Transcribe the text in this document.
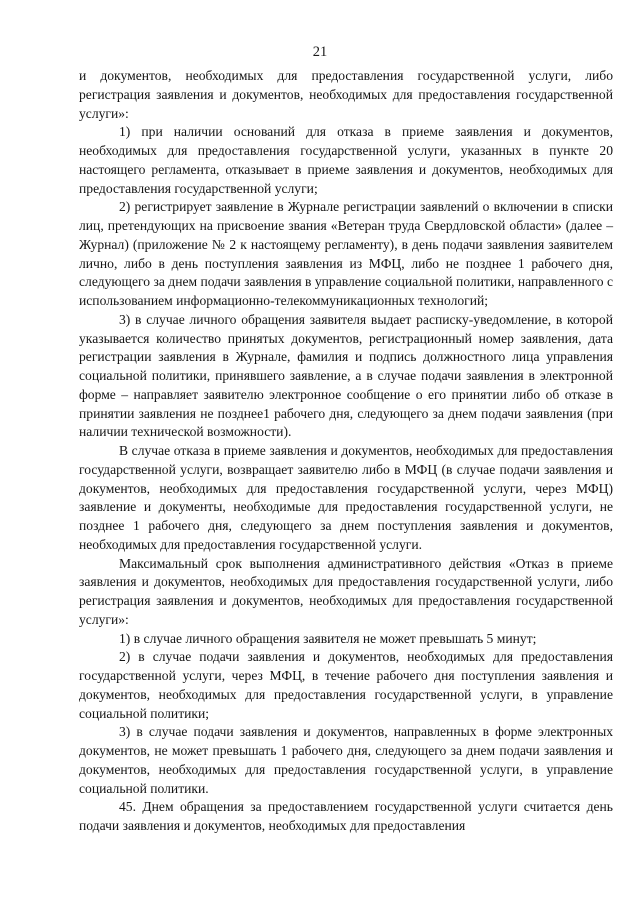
21

и документов, необходимых для предоставления государственной услуги, либо регистрация заявления и документов, необходимых для предоставления государственной услуги»:

1) при наличии оснований для отказа в приеме заявления и документов, необходимых для предоставления государственной услуги, указанных в пункте 20 настоящего регламента, отказывает в приеме заявления и документов, необходимых для предоставления государственной услуги;

2) регистрирует заявление в Журнале регистрации заявлений о включении в списки лиц, претендующих на присвоение звания «Ветеран труда Свердловской области» (далее – Журнал) (приложение № 2 к настоящему регламенту), в день подачи заявления заявителем лично, либо в день поступления заявления из МФЦ, либо не позднее 1 рабочего дня, следующего за днем подачи заявления в управление социальной политики, направленного с использованием информационно-телекоммуникационных технологий;

3) в случае личного обращения заявителя выдает расписку-уведомление, в которой указывается количество принятых документов, регистрационный номер заявления, дата регистрации заявления в Журнале, фамилия и подпись должностного лица управления социальной политики, принявшего заявление, а в случае подачи заявления в электронной форме – направляет заявителю электронное сообщение о его принятии либо об отказе в принятии заявления не позднее1 рабочего дня, следующего за днем подачи заявления (при наличии технической возможности).

В случае отказа в приеме заявления и документов, необходимых для предоставления государственной услуги, возвращает заявителю либо в МФЦ (в случае подачи заявления и документов, необходимых для предоставления государственной услуги, через МФЦ) заявление и документы, необходимые для предоставления государственной услуги, не позднее 1 рабочего дня, следующего за днем поступления заявления и документов, необходимых для предоставления государственной услуги.

Максимальный срок выполнения административного действия «Отказ в приеме заявления и документов, необходимых для предоставления государственной услуги, либо регистрация заявления и документов, необходимых для предоставления государственной услуги»:

1) в случае личного обращения заявителя не может превышать 5 минут;

2) в случае подачи заявления и документов, необходимых для предоставления государственной услуги, через МФЦ, в течение рабочего дня поступления заявления и документов, необходимых для предоставления государственной услуги, в управление социальной политики;

3) в случае подачи заявления и документов, направленных в форме электронных документов, не может превышать 1 рабочего дня, следующего за днем подачи заявления и документов, необходимых для предоставления государственной услуги, в управление социальной политики.

45. Днем обращения за предоставлением государственной услуги считается день подачи заявления и документов, необходимых для предоставления
